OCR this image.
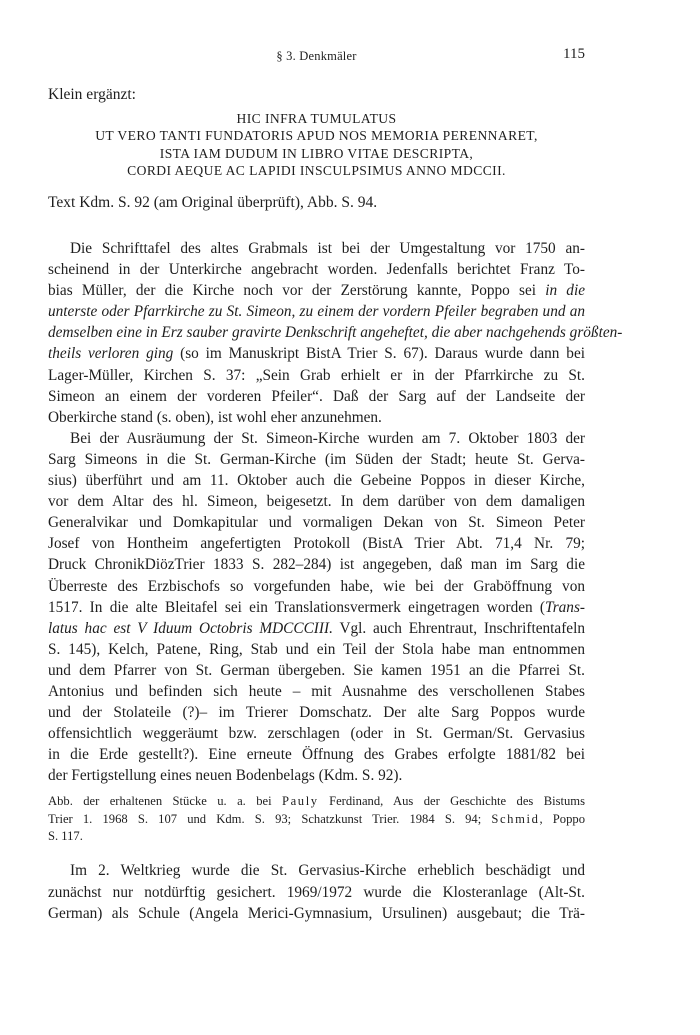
§ 3. Denkmäler	115
Klein ergänzt:
HIC INFRA TUMULATUS
UT VERO TANTI FUNDATORIS APUD NOS MEMORIA PERENNARET,
ISTA IAM DUDUM IN LIBRO VITAE DESCRIPTA,
CORDI AEQUE AC LAPIDI INSCULPSIMUS ANNO MDCCII.
Text Kdm. S. 92 (am Original überprüft), Abb. S. 94.
Die Schrifttafel des altes Grabmals ist bei der Umgestaltung vor 1750 an-
scheinend in der Unterkirche angebracht worden. Jedenfalls berichtet Franz To-
bias Müller, der die Kirche noch vor der Zerstörung kannte, Poppo sei in die
unterste oder Pfarrkirche zu St. Simeon, zu einem der vordern Pfeiler begraben und an
demselben eine in Erz sauber gravirte Denkschrift angeheftet, die aber nachgehends größten-
theils verloren ging (so im Manuskript BistA Trier S. 67). Daraus wurde dann bei
Lager-Müller, Kirchen S. 37: „Sein Grab erhielt er in der Pfarrkirche zu St.
Simeon an einem der vorderen Pfeiler“. Daß der Sarg auf der Landseite der
Oberkirche stand (s. oben), ist wohl eher anzunehmen.
Bei der Ausräumung der St. Simeon-Kirche wurden am 7. Oktober 1803 der
Sarg Simeons in die St. German-Kirche (im Süden der Stadt; heute St. Gerva-
sius) überführt und am 11. Oktober auch die Gebeine Poppos in dieser Kirche,
vor dem Altar des hl. Simeon, beigesetzt. In dem darüber von dem damaligen
Generalvikar und Domkapitular und vormaligen Dekan von St. Simeon Peter
Josef von Hontheim angefertigten Protokoll (BistA Trier Abt. 71,4 Nr. 79;
Druck ChronikDiözTrier 1833 S. 282–284) ist angegeben, daß man im Sarg die
Überreste des Erzbischofs so vorgefunden habe, wie bei der Graböffnung von
1517. In die alte Bleitafel sei ein Translationsvermerk eingetragen worden (Trans-
latus hac est V Iduum Octobris MDCCCIII. Vgl. auch Ehrentraut, Inschriftentafeln
S. 145), Kelch, Patene, Ring, Stab und ein Teil der Stola habe man entnommen
und dem Pfarrer von St. German übergeben. Sie kamen 1951 an die Pfarrei St.
Antonius und befinden sich heute – mit Ausnahme des verschollenen Stabes
und der Stolateile (?)– im Trierer Domschatz. Der alte Sarg Poppos wurde
offensichtlich weggeräumt bzw. zerschlagen (oder in St. German/St. Gervasius
in die Erde gestellt?). Eine erneute Öffnung des Grabes erfolgte 1881/82 bei
der Fertigstellung eines neuen Bodenbelags (Kdm. S. 92).
Abb. der erhaltenen Stücke u. a. bei Pauly Ferdinand, Aus der Geschichte des Bistums
Trier 1. 1968 S. 107 und Kdm. S. 93; Schatzkunst Trier. 1984 S. 94; Schmid, Poppo
S. 117.
Im 2. Weltkrieg wurde die St. Gervasius-Kirche erheblich beschädigt und
zunächst nur notdürftig gesichert. 1969/1972 wurde die Klosteranlage (Alt-St.
German) als Schule (Angela Merici-Gymnasium, Ursulinen) ausgebaut; die Trä-
